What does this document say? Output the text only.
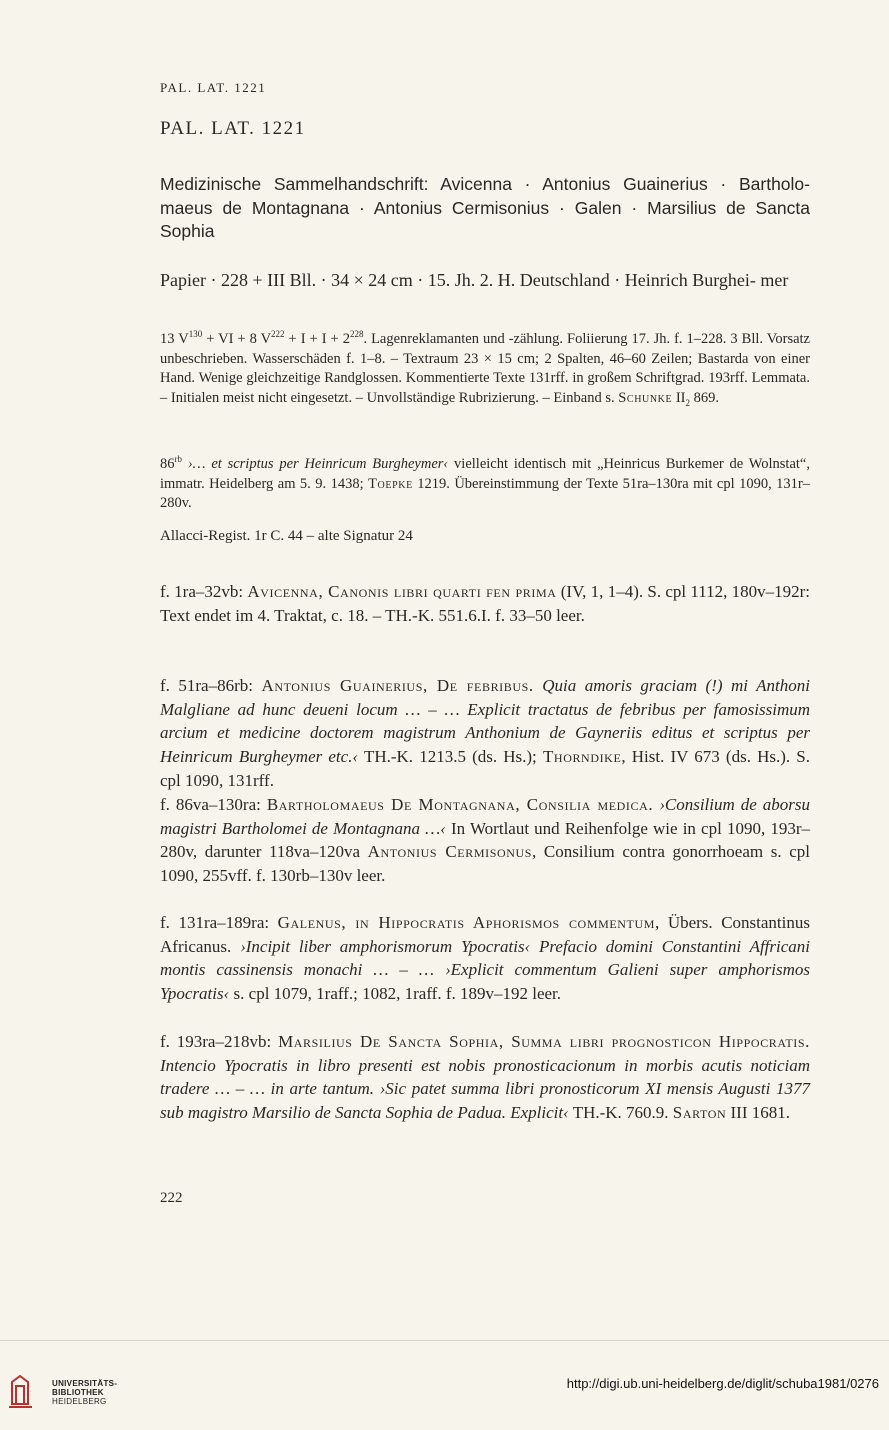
PAL. LAT. 1221
PAL. LAT. 1221
Medizinische Sammelhandschrift: Avicenna · Antonius Guainerius · Bartholo- maeus de Montagnana · Antonius Cermisonius · Galen · Marsilius de Sancta Sophia
Papier · 228 + III Bll. · 34 × 24 cm · 15. Jh. 2. H. Deutschland · Heinrich Burghei- mer
13 $V^{130}$ + VI + 8 $V^{222} + I + I + 2^{228}$. Lagenreklamanten und -zählung. Foliierung 17. Jh. f. 1–228. 3 Bll. Vorsatz unbeschrieben. Wasserschäden f. 1–8. – Textraum 23 × 15 cm; 2 Spalten, 46–60 Zeilen; Bastarda von einer Hand. Wenige gleichzeitige Randglossen. Kommentierte Texte 131rff. in großem Schriftgrad. 193rff. Lemmata. – Initialen meist nicht eingesetzt. – Unvollständige Rubrizierung. – Einband s. Schunke $II_2$ 869.
$86^{rb}$ ›… et scriptus per Heinricum Burgheymer‹ vielleicht identisch mit „Heinricus Burkemer de Wolnstat“, immatr. Heidelberg am 5. 9. 1438; Toepke 1219. Übereinstimmung der Texte 51ra–130ra mit cpl 1090, 131r–280v.
Allacci-Regist. 1r C. 44 – alte Signatur 24
f. 1ra–32vb: Avicenna, Canonis libri quarti fen prima (IV, 1, 1–4). S. cpl 1112, 180v–192r: Text endet im 4. Traktat, c. 18. – TH.-K. 551.6.I. f. 33–50 leer.
f. 51ra–86rb: Antonius Guainerius, De febribus. Quia amoris graciam (!) mi Anthoni Malgliane ad hunc deueni locum … – … Explicit tractatus de febribus per famosissimum arcium et medicine doctorem magistrum Anthonium de Gayneriis editus et scriptus per Heinricum Burgheymer etc.‹ TH.-K. 1213.5 (ds. Hs.); Thorndike, Hist. IV 673 (ds. Hs.). S. cpl 1090, 131rff.
f. 86va–130ra: Bartholomaeus De Montagnana, Consilia medica. ›Consilium de aborsu magistri Bartholomei de Montagnana …‹ In Wortlaut und Reihenfolge wie in cpl 1090, 193r–280v, darunter 118va–120va Antonius Cermisonus, Consilium contra gonorrhoeam s. cpl 1090, 255vff. f. 130rb–130v leer.
f. 131ra–189ra: Galenus, in Hippocratis Aphorismos commentum, Übers. Constantinus Africanus. ›Incipit liber amphorismorum Ypocratis‹ Prefacio domini Constantini Affricani montis cassinensis monachi … – … ›Explicit commentum Galieni super amphorismos Ypocratis‹ s. cpl 1079, 1raff.; 1082, 1raff. f. 189v–192 leer.
f. 193ra–218vb: Marsilius De Sancta Sophia, Summa libri prognosticon Hippocratis. Intencio Ypocratis in libro presenti est nobis pronosticacionum in morbis acutis noticiam tradere … – … in arte tantum. ›Sic patet summa libri pronosticorum XI mensis Augusti 1377 sub magistro Marsilio de Sancta Sophia de Padua. Explicit‹ TH.-K. 760.9. Sarton III 1681.
222
UNIVERSITÄTS-
BIBLIOTHEK
HEIDELBERG
http://digi.ub.uni-heidelberg.de/diglit/schuba1981/0276
